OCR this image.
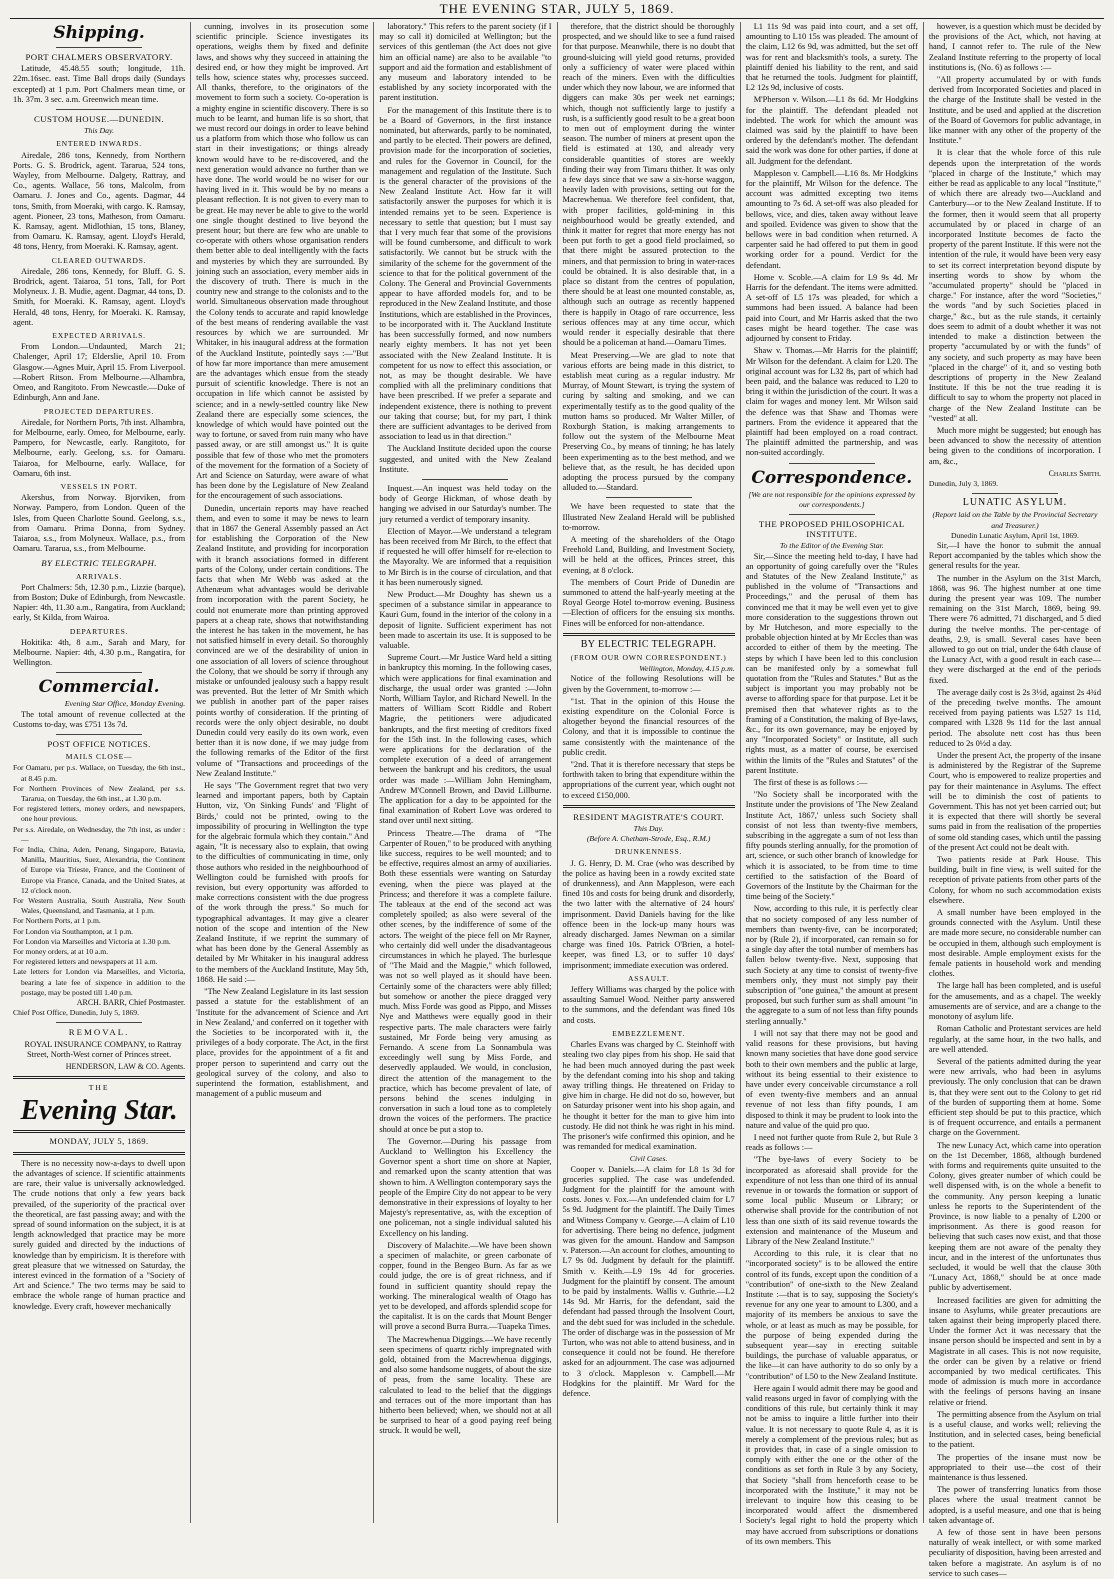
THE EVENING STAR, JULY 5, 1869.
Shipping.
PORT CHALMERS OBSERVATORY.

Latitude, 45.48.55 south; longitude, 11h. 22m.16sec. east. Time Ball drops daily (Sundays excepted) at 1 p.m. Port Chalmers mean time, or 1h. 37m. 3 sec. a.m. Greenwich mean time.

CUSTOM HOUSE.—DUNEDIN.
This Day.
ENTERED INWARDS.

Airedale, 286 tons, Kennedy, from Northern Ports. G. S. Brodrick, agent. Tararua, 524 tons, Wayley, from Melbourne. Dalgety, Rattray, and Co., agents. Wallace, 56 tons, Malcolm, from Oamaru. J. Jones and Co., agents. Dagmar, 44 tons, Smith, from Moeraki, with cargo. K. Ramsay, agent. Pioneer, 23 tons, Matheson, from Oamaru. K. Ramsay, agent. Midlothian, 15 tons, Blaney, from Oamaru. K. Ramsay, agent. Lloyd's Herald, 48 tons, Henry, from Moeraki. K. Ramsay, agent.

CLEARED OUTWARDS.

Airedale, 286 tons, Kennedy, for Bluff. G. S. Brodrick, agent. Taiaroa, 51 tons, Tall, for Port Molyneux. J. B. Mudie, agent. Dagmar, 44 tons, D. Smith, for Moeraki. K. Ramsay, agent. Lloyd's Herald, 48 tons, Henry, for Moeraki. K. Ramsay, agent.

EXPECTED ARRIVALS.

From London.—Undaunted, March 21; Chalenger, April 17; Elderslie, April 10. From Glasgow.—Agnes Muir, April 15. From Liverpool.—Robert Ritson. From Melbourne.—Alhambra, Omeo, and Rangitoto. From Newcastle.—Duke of Edinburgh, Ann and Jane.

PROJECTED DEPARTURES.

Airedale, for Northern Ports, 7th inst. Alhambra, for Melbourne, early. Omeo, for Melbourne, early. Pampero, for Newcastle, early. Rangitoto, for Melbourne, early. Geelong, s.s. for Oamaru. Taiaroa, for Melbourne, early. Wallace, for Oamaru, 6th inst.

VESSELS IN PORT.

Akershus, from Norway. Bjorviken, from Norway. Pampero, from London. Queen of the Isles, from Queen Charlotte Sound. Geelong, s.s., from Oamaru. Prima Donna, from Sydney. Taiaroa, s.s., from Molyneux. Wallace, p.s., from Oamaru. Tararua, s.s., from Melbourne.

BY ELECTRIC TELEGRAPH.
ARRIVALS.

Port Chalmers: 5th, 12.30 p.m., Lizzie (barque), from Boston; Duke of Edinburgh, from Newcastle. Napier: 4th, 11.30 a.m., Rangatira, from Auckland; early, St Kilda, from Wairoa.

DEPARTURES.

Hokitika: 4th, 8 a.m., Sarah and Mary, for Melbourne. Napier: 4th, 4.30 p.m., Rangatira, for Wellington.

Commercial.
Evening Star Office, Monday Evening.

The total amount of revenue collected at the Customs to-day, was £751 13s 7d.

POST OFFICE NOTICES.
MAILS CLOSE—
For Oamaru, per p.s. Wallace, on Tuesday, the 6th inst., at 8.45 p.m.
For Northern Provinces of New Zealand, per s.s. Tararua, on Tuesday, the 6th inst., at 1.30 p.m.
For registered letters, money orders, and newspapers, one hour previous.
Per s.s. Airedale, on Wednesday, the 7th inst, as under :—
For India, China, Aden, Penang, Singapore, Batavia, Manilla, Mauritius, Suez, Alexandria, the Continent of Europe via Trieste, France, and the Continent of Europe via France, Canada, and the United States, at 12 o'clock noon.
For Western Australia, South Australia, New South Wales, Queensland, and Tasmania, at 1 p.m.
For Northern Ports, at 1 p.m.
For London via Southampton, at 1 p.m.
For London via Marseilles and Victoria at 1.30 p.m.
For money orders, at at 10 a.m.
For registered letters and newspapers at 11 a.m.
Late letters for London via Marseilles, and Victoria, bearing a late fee of sixpence in addition to the postage, may be posted till 1.40 p.m.
ARCH. BARR, Chief Postmaster.
Chief Post Office, Dunedin, July 5, 1869.
REMOVAL.

ROYAL INSURANCE COMPANY, to Rattray Street, North-West corner of Princes street.

HENDERSON, LAW & CO. Agents.
THE
Evening Star.
MONDAY, JULY 5, 1869.

There is no necessity now-a-days to dwell upon the advantages of science. If scientific attainments are rare, their value is universally acknowledged. The crude notions that only a few years back prevailed, of the superiority of the practical over the theoretical, are fast passing away; and with the spread of sound information on the subject, it is at length acknowledged that practice may be more surely guided and directed by the inductions of knowledge than by empiricism. It is therefore with great pleasure that we witnessed on Saturday, the interest evinced in the formation of a "Society of Art and Science." The two terms may be said to embrace the whole range of human practice and knowledge. Every craft, however mechanically

cunning, involves in its prosecution some scientific principle. Science investigates its operations, weighs them by fixed and definite laws, and shows why they succeed in attaining the desired end, or how they might be improved. Art tells how, science states why, processes succeed. All thanks, therefore, to the originators of the movement to form such a society. Co-operation is a mighty engine in scientific discovery. There is so much to be learnt, and human life is so short, that we must record our doings in order to leave behind us a platform from which those who follow us can start in their investigations; or things already known would have to be re-discovered, and the next generation would advance no further than we have done. The world would be no wiser for our having lived in it. This would be by no means a pleasant reflection. It is not given to every man to be great. He may never be able to give to the world one single thought destined to live beyond the present hour; but there are few who are unable to co-operate with others whose organisation renders them better able to deal intelligently with the facts and mysteries by which they are surrounded. By joining such an association, every member aids in the discovery of truth. There is much in the country new and strange to the colonists and to the world. Simultaneous observation made throughout the Colony tends to accurate and rapid knowledge of the best means of rendering available the vast resources by which we are surrounded. Mr Whitaker, in his inaugural address at the formation of the Auckland Institute, pointedly says :—"But of how far more importance than mere amusement are the advantages which ensue from the steady pursuit of scientific knowledge. There is not an occupation in life which cannot be assisted by science; and in a newly-settled country like New Zealand there are especially some sciences, the knowledge of which would have pointed out the way to fortune, or saved from ruin many who have passed away, or are still amongst us." It is quite possible that few of those who met the promoters of the movement for the formation of a Society of Art and Science on Saturday, were aware of what has been done by the Legislature of New Zealand for the encouragement of such associations.

Dunedin, uncertain reports may have reached them, and even to some it may be news to learn that in 1867 the General Assembly passed an Act for establishing the Corporation of the New Zealand Institute, and providing for incorporation with it branch associations formed in different parts of the Colony, under certain conditions. The facts that when Mr Webb was asked at the Athenæum what advantages would be derivable from incorporation with the parent Society, he could not enumerate more than printing approved papers at a cheap rate, shows that notwithstanding the interest he has taken in the movement, he has not satisfied himself in every detail. So thoroughly convinced are we of the desirability of union in one association of all lovers of science throughout the Colony, that we should be sorry if through any mistake or unfounded jealousy such a happy result was prevented. But the letter of Mr Smith which we publish in another part of the paper raises points worthy of consideration. If the printing of records were the only object desirable, no doubt Dunedin could very easily do its own work, even better than it is now done, if we may judge from the following remarks of the Editor of the first volume of "Transactions and proceedings of the New Zealand Institute."

He says "The Government regret that two very learned and important papers, both by Captain Hutton, viz, 'On Sinking Funds' and 'Flight of Birds,' could not be printed, owing to the impossibility of procuring in Wellington the type for the algebraic formula which they contain." And again, "It is necessary also to explain, that owing to the difficulties of communicating in time, only those authors who resided in the neighbourhood of Wellington could be furnished with proofs for revision, but every opportunity was afforded to make corrections consistent with the due progress of the work through the press." So much for typographical advantages. It may give a clearer notion of the scope and intention of the New Zealand Institute, if we reprint the summary of what has been done by the General Assembly as detailed by Mr Whitaker in his inaugural address to the members of the Auckland Institute, May 5th, 1868. He said :—

"The New Zealand Legislature in its last session passed a statute for the establishment of an 'Institute for the advancement of Science and Art in New Zealand,' and conferred on it together with the Societies to be incorporated with it, the privileges of a body corporate. The Act, in the first place, provides for the appointment of a fit and proper person to superintend and carry out the geological survey of the colony, and also to superintend the formation, establishment, and management of a public museum and

laboratory." This refers to the parent society (if I may so call it) domiciled at Wellington; but the services of this gentleman (the Act does not give him an official name) are also to be available "to support and aid the formation and establishment of any museum and laboratory intended to be established by any society incorporated with the parent institution.

For the management of this Institute there is to be a Board of Governors, in the first instance nominated, but afterwards, partly to be nominated, and partly to be elected. Their powers are defined, provision made for the incorporation of societies, and rules for the Governor in Council, for the management and regulation of the Institute. Such is the general character of the provisions of the New Zealand Institute Act. How far it will satisfactorily answer the purposes for which it is intended remains yet to be seen. Experience is necessary to settle that question; but I must say that I very much fear that some of the provisions will be found cumbersome, and difficult to work satisfactorily. We cannot but be struck with the similarity of the scheme for the government of the science to that for the political government of the Colony. The General and Provincial Governments appear to have afforded models for, and to be reproduced in the New Zealand Institute, and those Institutions, which are established in the Provinces, to be incorporated with it. The Auckland Institute has been successfully formed, and now numbers nearly eighty members. It has not yet been associated with the New Zealand Institute. It is competent for us now to effect this association, or not, as may be thought desirable. We have complied with all the preliminary conditions that have been prescribed. If we prefer a separate and independent existence, there is nothing to prevent our taking that course; but, for my part, I think there are sufficient advantages to be derived from association to lead us in that direction."

The Auckland Institute decided upon the course suggested, and united with the New Zealand Institute.

Inquest.—An inquest was held today on the body of George Hickman, of whose death by hanging we advised in our Saturday's number. The jury returned a verdict of temporary insanity.

Election of Mayor.—We understand a telegram has been received from Mr Birch, to the effect that if requested he will offer himself for re-election to the Mayoralty. We are informed that a requisition to Mr Birch is in the course of circulation, and that it has been numerously signed.

New Product.—Mr Doughty has shewn us a specimen of a substance similar in appearance to Kauri Gum, found in the interior of the colony in a deposit of lignite. Sufficient experiment has not been made to ascertain its use. It is supposed to be valuable.

Supreme Court.—Mr Justice Ward held a sitting in bankruptcy this morning. In the following cases, which were applications for final examination and discharge, the usual order was granted :—John North, William Taylor, and Richard Newell. In the matters of William Scott Riddle and Robert Magrie, the petitioners were adjudicated bankrupts, and the first meeting of creditors fixed for the 15th inst. In the following cases, which were applications for the declaration of the complete execution of a deed of arrangement between the bankrupt and his creditors, the usual order was made :—William John Hemingham, Andrew M'Connell Brown, and David Lillburne. The application for a day to be appointed for the final examination of Robert Love was ordered to stand over until next sitting.

Princess Theatre.—The drama of "The Carpenter of Rouen," to be produced with anything like success, requires to be well mounted; and to be effective, requires almost an army of auxiliaries. Both these essentials were wanting on Saturday evening, when the piece was played at the Princess; and therefore it was a complete failure. The tableaux at the end of the second act was completely spoiled; as also were several of the other scenes, by the indifference of some of the actors. The weight of the piece fell on Mr Rayner, who certainly did well under the disadvantageous circumstances in which he played. The burlesque of "The Maid and the Magpie," which followed, was not so well played as it should have been. Certainly some of the characters were ably filled; but somehow or another the piece dragged very much. Miss Forde was good as Pippo, and Misses Nye and Matthews were equally good in their respective parts. The male characters were fairly sustained, Mr Forde being very amusing as Fernando. A scene from La Sonnambula was exceedingly well sung by Miss Forde, and deservedly applauded. We would, in conclusion, direct the attention of the management to the practice, which has become prevalent of late, of persons behind the scenes indulging in conversation in such a loud tone as to completely drown the voices of the performers. The practice should at once be put a stop to.

The Governor.—During his passage from Auckland to Wellington his Excellency the Governor spent a short time on shore at Napier, and remarked upon the scanty attention that was shown to him. A Wellington contemporary says the people of the Empire City do not appear to be very demonstrative in their expressions of loyalty to her Majesty's representative, as, with the exception of one policeman, not a single individual saluted his Excellency on his landing.

Discovery of Malachite.—We have been shown a specimen of malachite, or green carbonate of copper, found in the Bengeo Burn. As far as we could judge, the ore is of great richness, and if found in sufficient quantity should repay the working. The mineralogical wealth of Otago has yet to be developed, and affords splendid scope for the capitalist. It is on the cards that Mount Benger will prove a second Burra Burra.—Tuapeka Times.

The Macrewhenua Diggings.—We have recently seen specimens of quartz richly impregnated with gold, obtained from the Macrewhenua diggings, and also some handsome nuggets, of about the size of peas, from the same locality. These are calculated to lead to the belief that the diggings and terraces out of the more important than has hitherto been believed; when, we should not at all be surprised to hear of a good paying reef being struck. It would be well,

therefore, that the district should be thoroughly prospected, and we should like to see a fund raised for that purpose. Meanwhile, there is no doubt that ground-sluicing will yield good returns, provided only a sufficiency of water were placed within reach of the miners. Even with the difficulties under which they now labour, we are informed that diggers can make 30s per week net earnings; which, though not sufficiently large to justify a rush, is a sufficiently good result to be a great boon to men out of employment during the winter season. The number of miners at present upon the field is estimated at 130, and already very considerable quantities of stores are weekly finding their way from Timaru thither. It was only a few days since that we saw a six-horse waggon, heavily laden with provisions, setting out for the Macrewhenua. We therefore feel confident, that, with proper facilities, gold-mining in this neighbourhood would be greatly extended, and think it matter for regret that more energy has not been put forth to get a good field proclaimed, so that there might be assured protection to the miners, and that permission to bring in water-races could be obtained. It is also desirable that, in a place so distant from the centres of population, there should be at least one mounted constable, as, although such an outrage as recently happened there is happily in Otago of rare occurrence, less serious offences may at any time occur, which would render it especially desirable that there should be a policeman at hand.—Oamaru Times.

Meat Preserving.—We are glad to note that various efforts are being made in this district, to establish meat curing as a regular industry. Mr Murray, of Mount Stewart, is trying the system of curing by salting and smoking, and we can experimentally testify as to the good quality of the mutton hams so produced. Mr Walter Miller, of Roxburgh Station, is making arrangements to follow out the system of the Melbourne Meat Preserving Co., by means of tinning; he has lately been experimenting as to the best method, and we believe that, as the result, he has decided upon adopting the process pursued by the company alluded to.—Standard.

We have been requested to state that the Illustrated New Zealand Herald will be published to-morrow.

A meeting of the shareholders of the Otago Freehold Land, Building, and Investment Society, will be held at the offices, Princes street, this evening, at 8 o'clock.

The members of Court Pride of Dunedin are summoned to attend the half-yearly meeting at the Royal George Hotel to-morrow evening. Business—Election of officers for the ensuing six months. Fines will be enforced for non-attendance.

BY ELECTRIC TELEGRAPH.
(FROM OUR OWN CORRESPONDENT.)
Wellington, Monday, 4.15 p.m.

Notice of the following Resolutions will be given by the Government, to-morrow :—

"1st. That in the opinion of this House the existing expenditure on the Colonial Force is altogether beyond the financial resources of the Colony, and that it is impossible to continue the same consistently with the maintenance of the public credit.

"2nd. That it is therefore necessary that steps be forthwith taken to bring that expenditure within the appropriations of the current year, which ought not to exceed £150,000.

RESIDENT MAGISTRATE'S COURT.
This Day.
(Before A. Chetham-Strode, Esq., R.M.)
DRUNKENNESS.

J. G. Henry, D. M. Crae (who was described by the police as having been in a rowdy excited state of drunkenness), and Ann Mappleson, were each fined 10s and costs for being drunk and disorderly, the two latter with the alternative of 24 hours' imprisonment. David Daniels having for the like offence been in the lock-up many hours was already discharged. James Newman on a similar charge was fined 10s. Patrick O'Brien, a hotel-keeper, was fined L3, or to suffer 10 days' imprisonment; immediate execution was ordered.

ASSAULT.

Jeffery Williams was charged by the police with assaulting Samuel Wood. Neither party answered to the summons, and the defendant was fined 10s and costs.

EMBEZZLEMENT.

Charles Evans was charged by C. Steinhoff with stealing two clay pipes from his shop. He said that he had been much annoyed during the past week by the defendant coming into his shop and taking away trifling things. He threatened on Friday to give him in charge. He did not do so, however, but on Saturday prisoner went into his shop again, and he thought it better for the man to give him into custody. He did not think he was right in his mind. The prisoner's wife confirmed this opinion, and he was remanded for medical examination.

Civil Cases.

Cooper v. Daniels.—A claim for L8 1s 3d for groceries supplied. The case was undefended. Judgment for the plaintiff for the amount with costs. Jones v. Fox.—An undefended claim for L7 5s 9d. Judgment for the plaintiff. The Daily Times and Witness Company v. George.—A claim of L10 for advertising. There being no defence, judgment was given for the amount. Handow and Sampson v. Paterson.—An account for clothes, amounting to L7 9s 0d. Judgment by default for the plaintiff. Smith v. Keith.—L9 19s 4d for groceries. Judgment for the plaintiff by consent. The amount to be paid by instalments. Wallis v. Guthrie.—L2 14s 9d. Mr Harris, for the defendant, said the defendant had passed through the Insolvent Court, and the debt sued for was included in the schedule. The order of discharge was in the possession of Mr Turton, who was not able to attend business, and in consequence it could not be found. He therefore asked for an adjournment. The case was adjourned to 3 o'clock. Mappleson v. Campbell.—Mr Hodgkins for the plaintiff. Mr Ward for the defence.

L1 11s 9d was paid into court, and a set off, amounting to L10 15s was pleaded. The amount of the claim, L12 6s 9d, was admitted, but the set off was for rent and blacksmith's tools, a surety. The plaintiff denied his liability to the rent, and said that he returned the tools. Judgment for plaintiff, L2 12s 9d, inclusive of costs.

M'Pherson v. Wilson.—L1 8s 6d. Mr Hodgkins for the plaintiff. The defendant pleaded not indebted. The work for which the amount was claimed was said by the plaintiff to have been ordered by the defendant's mother. The defendant said the work was done for other parties, if done at all. Judgment for the defendant.

Mappleson v. Campbell.—L16 8s. Mr Hodgkins for the plaintiff, Mr Wilson for the defence. The account was admitted excepting two items amounting to 7s 6d. A set-off was also pleaded for bellows, vice, and dies, taken away without leave and spoiled. Evidence was given to show that the bellows were in bad condition when returned. A carpenter said he had offered to put them in good working order for a pound. Verdict for the defendant.

Home v. Scoble.—A claim for L9 9s 4d. Mr Harris for the defendant. The items were admitted. A set-off of L5 17s was pleaded, for which a summons had been issued. A balance had been paid into Court, and Mr Harris asked that the two cases might be heard together. The case was adjourned by consent to Friday.

Shaw v. Thomas.—Mr Harris for the plaintiff; Mr Wilson for the defendant. A claim for L20. The original account was for L32 8s, part of which had been paid, and the balance was reduced to L20 to bring it within the jurisdiction of the court. It was a claim for wages and money lent. Mr Wilson said the defence was that Shaw and Thomas were partners. From the evidence it appeared that the plaintiff had been employed on a road contract. The plaintiff admitted the partnership, and was non-suited accordingly.

Correspondence.
[We are not responsible for the opinions expressed by our correspondents.]
THE PROPOSED PHILOSOPHICAL INSTITUTE.
To the Editor of the Evening Star.

Sir,—Since the meeting held to-day, I have had an opportunity of going carefully over the "Rules and Statutes of the New Zealand Institute," as published in the volume of "Transactions and Proceedings," and the perusal of them has convinced me that it may be well even yet to give more consideration to the suggestions thrown out by Mr Hutcheson, and more especially to the probable objection hinted at by Mr Eccles than was accorded to either of them by the meeting. The steps by which I have been led to this conclusion can be manifested only by a somewhat full quotation from the "Rules and Statutes." But as the subject is important you may probably not be averse to affording space for that purpose. Let it be premised then that whatever rights as to the framing of a Constitution, the making of Bye-laws, &c., for its own governance, may be enjoyed by any "Incorporated Society" or Institute, all such rights must, as a matter of course, be exercised within the limits of the "Rules and Statutes" of the parent Institute.

The first of these is as follows :—

"No Society shall be incorporated with the Institute under the provisions of 'The New Zealand Institute Act, 1867,' unless such Society shall consist of not less than twenty-five members, subscribing in the aggregate a sum of not less than fifty pounds sterling annually, for the promotion of art, science, or such other branch of knowledge for which it is associated, to be from time to time certified to the satisfaction of the Board of Governors of the Institute by the Chairman for the time being of the Society."

Now, according to this rule, it is perfectly clear that no society composed of any less number of members than twenty-five, can be incorporated; nor by (Rule 2), if incorporated, can remain so for a single day after the total number of members has fallen below twenty-five. Next, supposing that such Society at any time to consist of twenty-five members only, they must not simply pay their subscription of "one guinea," the amount at present proposed, but such further sum as shall amount "in the aggregate to a sum of not less than fifty pounds sterling annually."

I will not say that there may not be good and valid reasons for these provisions, but having known many societies that have done good service both to their own members and the public at large, without its being essential to their existence to have under every conceivable circumstance a roll of even twenty-five members and an annual revenue of not less than fifty pounds, I am disposed to think it may be prudent to look into the nature and value of the quid pro quo.

I need not further quote from Rule 2, but Rule 3 reads as follows :—

"The bye-laws of every Society to be incorporated as aforesaid shall provide for the expenditure of not less than one third of its annual revenue in or towards the formation or support of some local public Museum or Library; or otherwise shall provide for the contribution of not less than one sixth of its said revenue towards the extension and maintenance of the Museum and Library of the New Zealand Institute."

According to this rule, it is clear that no "incorporated society" is to be allowed the entire control of its funds, except upon the condition of a "contribution" of one-sixth to the New Zealand Institute :—that is to say, supposing the Society's revenue for any one year to amount to L300, and a majority of its members be anxious to save the whole, or at least as much as may be possible, for the purpose of being expended during the subsequent year—say in erecting suitable buildings, the purchase of valuable apparatus, or the like—it can have authority to do so only by a "contribution" of L50 to the New Zealand Institute.

Here again I would admit there may be good and valid reasons urged in favor of complying with the conditions of this rule, but certainly think it may not be amiss to inquire a little further into their value. It is not necessary to quote Rule 4, as it is merely a complement of the previous rules; but as it provides that, in case of a single omission to comply with either the one or the other of the conditions as set forth in Rule 3 by any Society, that Society "shall from henceforth cease to be incorporated with the Institute," it may not be irrelevant to inquire how this ceasing to be incorporated would affect the dismembered Society's legal right to hold the property which may have accrued from subscriptions or donations of its own members. This

however, is a question which must be decided by the provisions of the Act, which, not having at hand, I cannot refer to. The rule of the New Zealand Institute referring to the property of local institutions is, (No. 6) as follows :—

"All property accumulated by or with funds derived from Incorporated Societies and placed in the charge of the Institute shall be vested in the Institute, and be used and applied at the discretion of the Board of Governors for public advantage, in like manner with any other of the property of the Institute."

It is clear that the whole force of this rule depends upon the interpretation of the words "placed in charge of the Institute," which may either be read as applicable to any local "Institute," of which there are already two—Auckland and Canterbury—or to the New Zealand Institute. If to the former, then it would seem that all property accumulated by or placed in charge of an incorporated Institute becomes de facto the property of the parent Institute. If this were not the intention of the rule, it would have been very easy to set its correct interpretation beyond dispute by inserting words to show by whom the "accumulated property" should be "placed in charge." For instance, after the word "Societies," the words "and by such Societies placed in charge," &c., but as the rule stands, it certainly does seem to admit of a doubt whether it was not intended to make a distinction between the property "accumulated by or with the funds" of any society, and such property as may have been "placed in the charge" of it, and so vesting both descriptions of property in the New Zealand Institute. If this be not the true reading it is difficult to say to whom the property not placed in charge of the New Zealand Institute can be "vested" at all.

Much more might be suggested; but enough has been advanced to show the necessity of attention being given to the conditions of incorporation. I am, &c.,

Charles Smith.
Dunedin, July 3, 1869.
LUNATIC ASYLUM.
(Report laid on the Table by the Provincial Secretary and Treasurer.)
Dunedin Lunatic Asylum, April 1st, 1869.

Sir,—I have the honor to submit the annual Report accompanied by the tables which show the general results for the year.

The number in the Asylum on the 31st March, 1868, was 96. The highest number at one time during the present year was 109. The number remaining on the 31st March, 1869, being 99. There were 76 admitted, 71 discharged, and 5 died during the twelve months. The per-centage of deaths, 2.9, is small. Several cases have been allowed to go out on trial, under the 64th clause of the Lunacy Act, with a good result in each case—they were discharged at the end of the periods fixed.

The average daily cost is 2s 3½d, against 2s 4¾d of the preceding twelve months. The amount received from paying patients was L527 1s 11d, compared with L328 9s 11d for the last annual period. The absolute nett cost has thus been reduced to 2s 0½d a day.

Under the present Act, the property of the insane is administered by the Registrar of the Supreme Court, who is empowered to realize properties and pay for their maintenance in Asylums. The effect will be to diminish the cost of patients to Government. This has not yet been carried out; but it is expected that there will shortly be several sums paid in from the realisation of the properties of some old standing cases, which until the passing of the present Act could not be dealt with.

Two patients reside at Park House. This building, built in fine view, is well suited for the reception of private patients from other parts of the Colony, for whom no such accommodation exists elsewhere.

A small number have been employed in the grounds connected with the Asylum. Until these are made more secure, no considerable number can be occupied in them, although such employment is most desirable. Ample employment exists for the female patients in household work and mending clothes.

The large hall has been completed, and is useful for the amusements, and as a chapel. The weekly amusements are of service, and are a change to the monotony of asylum life.

Roman Catholic and Protestant services are held regularly, at the same hour, in the two halls, and are well attended.

Several of the patients admitted during the year were new arrivals, who had been in asylums previously. The only conclusion that can be drawn is, that they were sent out to the Colony to get rid of the burden of supporting them at home. Some efficient step should be put to this practice, which is of frequent occurrence, and entails a permanent charge on the Government.

The new Lunacy Act, which came into operation on the 1st December, 1868, although burdened with forms and requirements quite unsuited to the Colony, gives greater number of which could be well dispensed with, is on the whole a benefit to the community. Any person keeping a lunatic unless he reports to the Superintendent of the Province, is now liable to a penalty of L200 or imprisonment. As there is good reason for believing that such cases now exist, and that those keeping them are not aware of the penalty they incur, and in the interest of the unfortunates thus secluded, it would be well that the clause 30th "Lunacy Act, 1868," should be at once made public by advertisement.

Increased facilities are given for admitting the insane to Asylums, while greater precautions are taken against their being improperly placed there. Under the former Act it was necessary that the insane person should be inspected and sent in by a Magistrate in all cases. This is not now requisite, the order can be given by a relative or friend accompanied by two medical certificates. This mode of admission is much more in accordance with the feelings of persons having an insane relative or friend.

The permitting absence from the Asylum on trial is a useful clause, and works well; relieving the Institution, and in selected cases, being beneficial to the patient.

The properties of the insane must now be appropriated to their use—the cost of their maintenance is thus lessened.

The power of transferring lunatics from those places where the usual treatment cannot be adopted, is a useful measure, and one that is being taken advantage of.

A few of those sent in have been persons naturally of weak intellect, or with some marked peculiarity of disposition, having been arrested and taken before a magistrate. An asylum is of no service to such cases—
